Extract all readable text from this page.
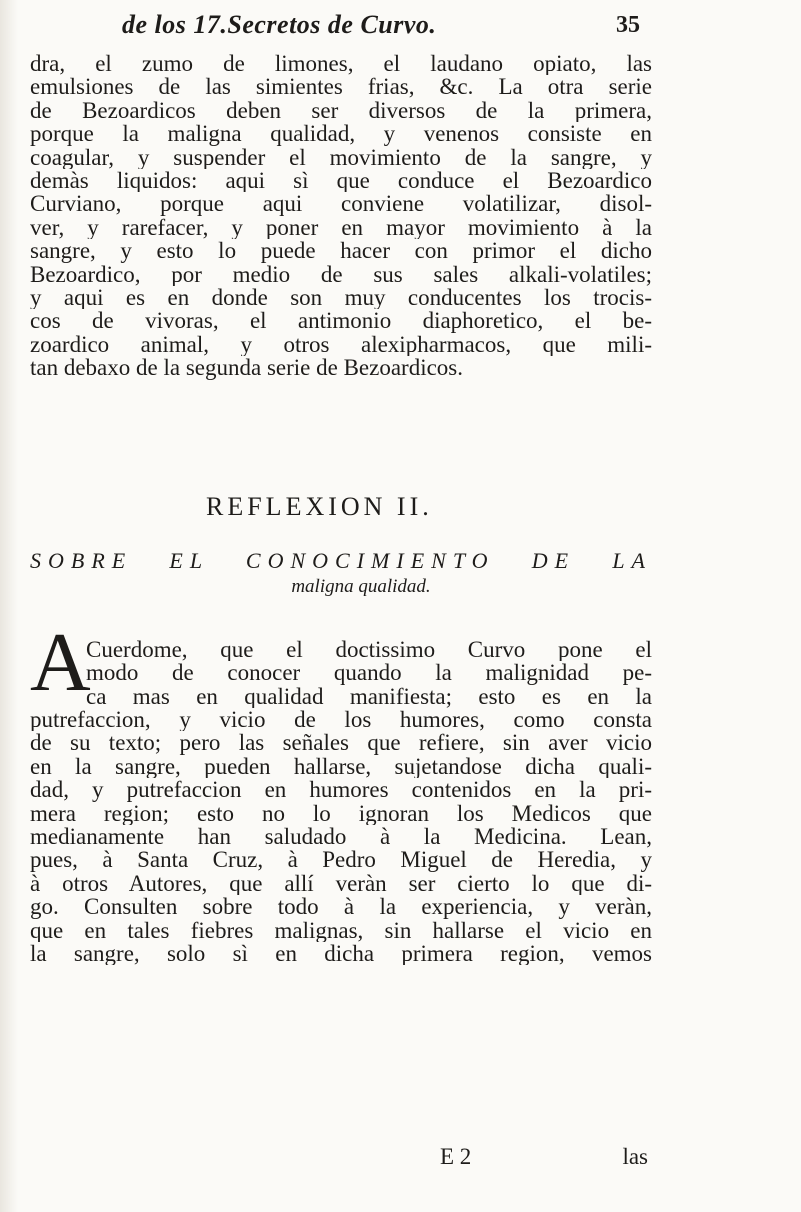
de los 17.Secretos de Curvo.	35
dra, el zumo de limones, el laudano opiato, las
emulsiones de las simientes frias, &c. La otra serie
de Bezoardicos deben ser diversos de la primera,
porque la maligna qualidad, y venenos consiste en
coagular, y suspender el movimiento de la sangre, y
demàs liquidos: aqui sì que conduce el Bezoardico
Curviano, porque aqui conviene volatilizar, disol-
ver, y rarefacer, y poner en mayor movimiento à la
sangre, y esto lo puede hacer con primor el dicho
Bezoardico, por medio de sus sales alkali-volatiles;
y aqui es en donde son muy conducentes los trocis-
cos de vivoras, el antimonio diaphoretico, el be-
zoardico animal, y otros alexipharmacos, que mili-
tan debaxo de la segunda serie de Bezoardicos.
REFLEXION II.
SOBRE EL CONOCIMIENTO DE LA
maligna qualidad.
A
Cuerdome, que el doctissimo Curvo pone el
modo de conocer quando la malignidad pe-
ca mas en qualidad manifiesta; esto es en la
putrefaccion, y vicio de los humores, como consta
de su texto; pero las señales que refiere, sin aver vicio
en la sangre, pueden hallarse, sujetandose dicha quali-
dad, y putrefaccion en humores contenidos en la pri-
mera region; esto no lo ignoran los Medicos que
medianamente han saludado à la Medicina. Lean,
pues, à Santa Cruz, à Pedro Miguel de Heredia, y
à otros Autores, que allí veràn ser cierto lo que di-
go. Consulten sobre todo à la experiencia, y veràn,
que en tales fiebres malignas, sin hallarse el vicio en
la sangre, solo sì en dicha primera region, vemos
E 2	las
